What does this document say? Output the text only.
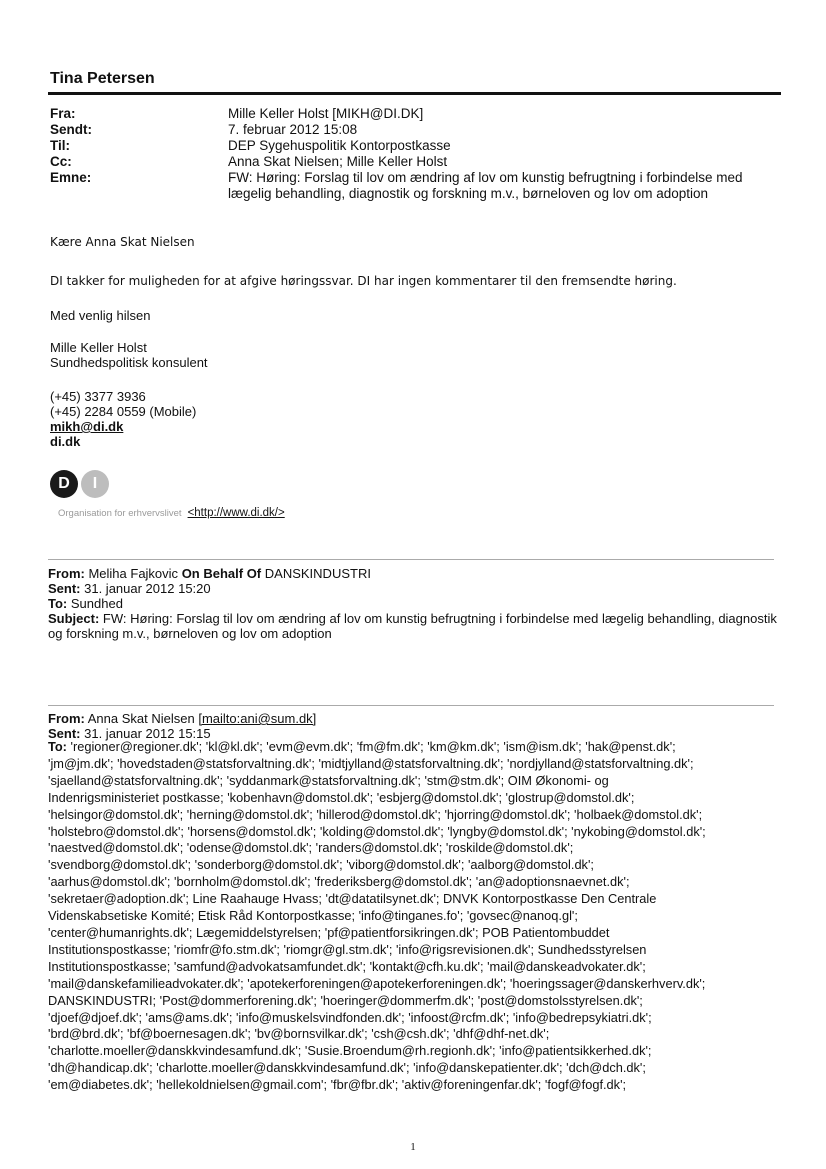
Tina Petersen
Fra:	Mille Keller Holst [MIKH@DI.DK]
Sendt:	7. februar 2012 15:08
Til:	DEP Sygehuspolitik Kontorpostkasse
Cc:	Anna Skat Nielsen; Mille Keller Holst
Emne:	FW: Høring: Forslag til lov om ændring af lov om kunstig befrugtning i forbindelse med lægelig behandling, diagnostik og forskning m.v., børneloven og lov om adoption
Kære Anna Skat Nielsen
DI takker for muligheden for at afgive høringssvar. DI har ingen kommentarer til den fremsendte høring.
Med venlig hilsen
Mille Keller Holst
Sundhedspolitisk konsulent
(+45) 3377 3936
(+45) 2284 0559 (Mobile)
mikh@di.dk
di.dk
D	I
Organisation for erhvervslivet <http://www.di.dk/>
From: Meliha Fajkovic On Behalf Of DANSKINDUSTRI
Sent: 31. januar 2012 15:20
To: Sundhed
Subject: FW: Høring: Forslag til lov om ændring af lov om kunstig befrugtning i forbindelse med lægelig behandling, diagnostik og forskning m.v., børneloven og lov om adoption
From: Anna Skat Nielsen [mailto:ani@sum.dk]
Sent: 31. januar 2012 15:15
To: 'regioner@regioner.dk'; 'kl@kl.dk'; 'evm@evm.dk'; 'fm@fm.dk'; 'km@km.dk'; 'ism@ism.dk'; 'hak@penst.dk';
'jm@jm.dk'; 'hovedstaden@statsforvaltning.dk'; 'midtjylland@statsforvaltning.dk'; 'nordjylland@statsforvaltning.dk';
'sjaelland@statsforvaltning.dk'; 'syddanmark@statsforvaltning.dk'; 'stm@stm.dk'; OIM Økonomi- og
Indenrigsministeriet postkasse; 'kobenhavn@domstol.dk'; 'esbjerg@domstol.dk'; 'glostrup@domstol.dk';
'helsingor@domstol.dk'; 'herning@domstol.dk'; 'hillerod@domstol.dk'; 'hjorring@domstol.dk'; 'holbaek@domstol.dk';
'holstebro@domstol.dk'; 'horsens@domstol.dk'; 'kolding@domstol.dk'; 'lyngby@domstol.dk'; 'nykobing@domstol.dk';
'naestved@domstol.dk'; 'odense@domstol.dk'; 'randers@domstol.dk'; 'roskilde@domstol.dk';
'svendborg@domstol.dk'; 'sonderborg@domstol.dk'; 'viborg@domstol.dk'; 'aalborg@domstol.dk';
'aarhus@domstol.dk'; 'bornholm@domstol.dk'; 'frederiksberg@domstol.dk'; 'an@adoptionsnaevnet.dk';
'sekretaer@adoption.dk'; Line Raahauge Hvass; 'dt@datatilsynet.dk'; DNVK Kontorpostkasse Den Centrale
Videnskabsetiske Komité; Etisk Råd Kontorpostkasse; 'info@tinganes.fo'; 'govsec@nanoq.gl';
'center@humanrights.dk'; Lægemiddelstyrelsen; 'pf@patientforsikringen.dk'; POB Patientombuddet
Institutionspostkasse; 'riomfr@fo.stm.dk'; 'riomgr@gl.stm.dk'; 'info@rigsrevisionen.dk'; Sundhedsstyrelsen
Institutionspostkasse; 'samfund@advokatsamfundet.dk'; 'kontakt@cfh.ku.dk'; 'mail@danskeadvokater.dk';
'mail@danskefamilieadvokater.dk'; 'apotekerforeningen@apotekerforeningen.dk'; 'hoeringssager@danskerhverv.dk';
DANSKINDUSTRI; 'Post@dommerforening.dk'; 'hoeringer@dommerfm.dk'; 'post@domstolsstyrelsen.dk';
'djoef@djoef.dk'; 'ams@ams.dk'; 'info@muskelsvindfonden.dk'; 'infoost@rcfm.dk'; 'info@bedrepsykiatri.dk';
'brd@brd.dk'; 'bf@boernesagen.dk'; 'bv@bornsvilkar.dk'; 'csh@csh.dk'; 'dhf@dhf-net.dk';
'charlotte.moeller@danskkvindesamfund.dk'; 'Susie.Broendum@rh.regionh.dk'; 'info@patientsikkerhed.dk';
'dh@handicap.dk'; 'charlotte.moeller@danskkvindesamfund.dk'; 'info@danskepatienter.dk'; 'dch@dch.dk';
'em@diabetes.dk'; 'hellekoldnielsen@gmail.com'; 'fbr@fbr.dk'; 'aktiv@foreningenfar.dk'; 'fogf@fogf.dk';
1
